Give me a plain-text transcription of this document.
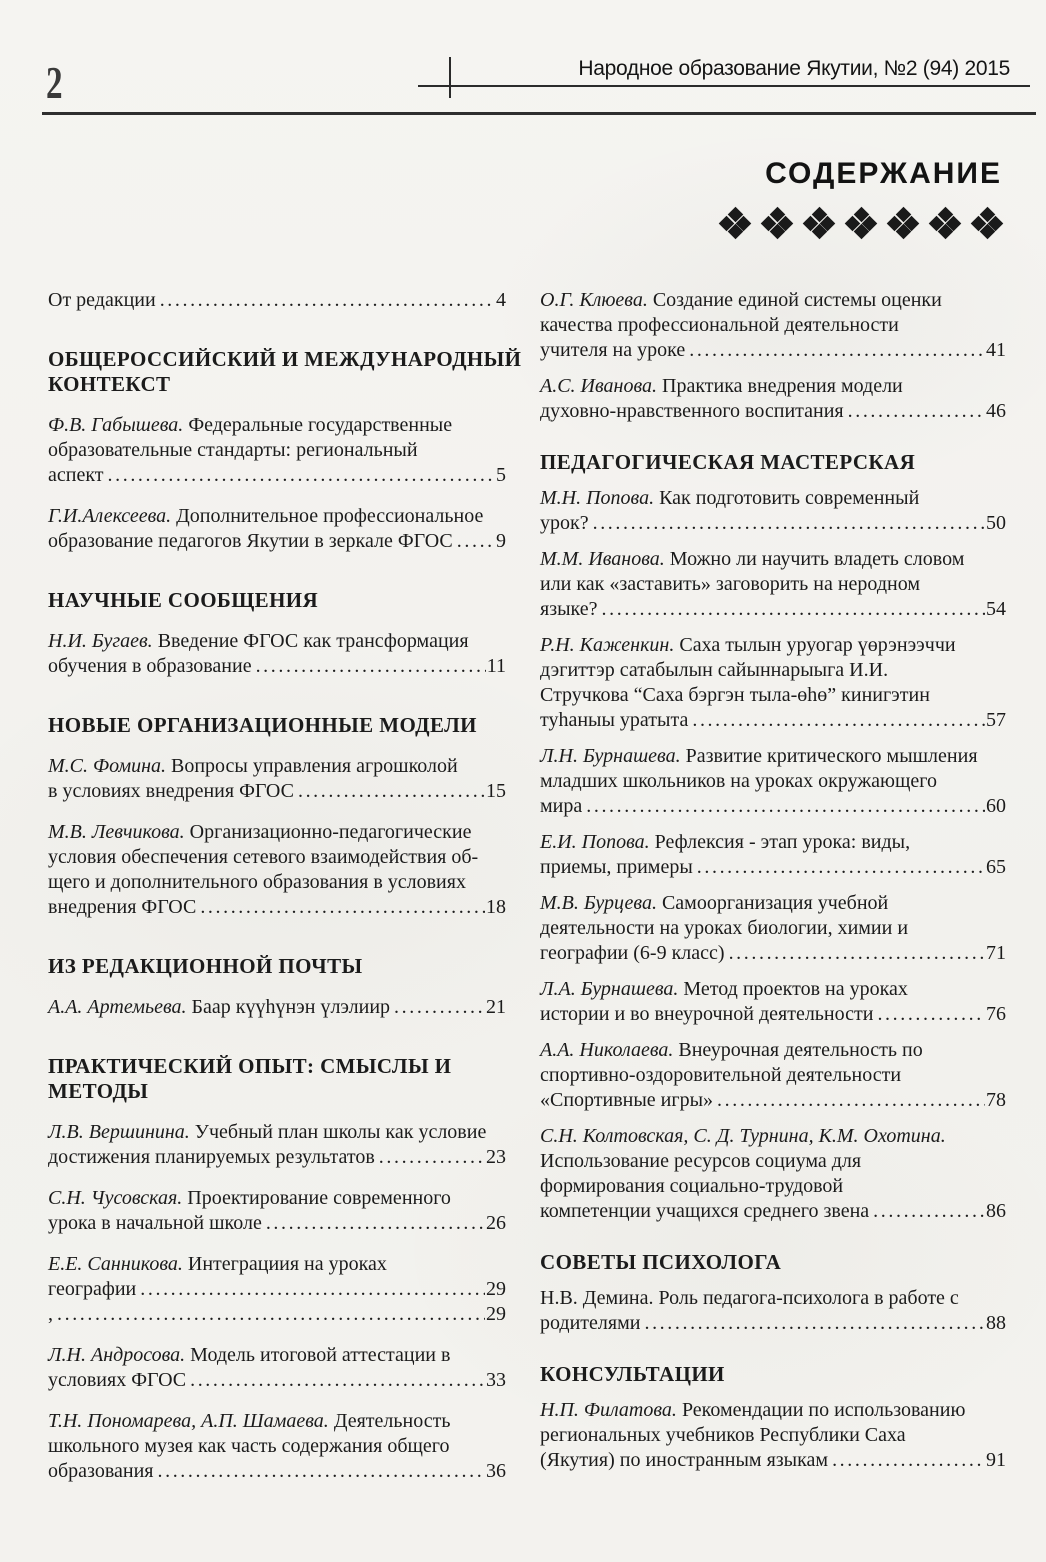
2	Народное образование Якутии, №2 (94) 2015
СОДЕРЖАНИЕ
От редакции .....	4
ОБЩЕРОССИЙСКИЙ И МЕЖДУНАРОДНЫЙ
КОНТЕКСТ
Ф.В. Габышева. Федеральные государственные
образовательные стандарты: региональный
аспект .....	5
Г.И.Алексеева. Дополнительное профессиональное
образование педагогов Якутии в зеркале ФГОС ..... 9
НАУЧНЫЕ СООБЩЕНИЯ
Н.И. Бугаев. Введение ФГОС как трансформация
обучения в образование .....	11
НОВЫЕ ОРГАНИЗАЦИОННЫЕ МОДЕЛИ
М.С. Фомина. Вопросы управления агрошколой
в условиях внедрения ФГОС .....	15
М.В. Левчикова. Организационно-педагогические
условия обеспечения сетевого взаимодействия об-
щего и дополнительного образования в условиях
внедрения ФГОС .....	18
ИЗ РЕДАКЦИОННОЙ ПОЧТЫ
А.А. Артемьева. Баар күүһүнэн үлэлиир .....	21
ПРАКТИЧЕСКИЙ ОПЫТ: СМЫСЛЫ И
МЕТОДЫ
Л.В. Вершинина. Учебный план школы как условие
достижения планируемых результатов .....	23
С.Н. Чусовская. Проектирование современного
урока в начальной школе .....	26
Е.Е. Санникова. Интеграциия на уроках
географии .....	29
, .....	29
Л.Н. Андросова. Модель итоговой аттестации в
условиях ФГОС .....	33
Т.Н. Пономарева, А.П. Шамаева. Деятельность
школьного музея как часть содержания общего
образования .....	36
О.Г. Клюева. Создание единой системы оценки
качества профессиональной деятельности
учителя на уроке .....	41
А.С. Иванова. Практика внедрения модели
духовно-нравственного воспитания .....	46
ПЕДАГОГИЧЕСКАЯ МАСТЕРСКАЯ
М.Н. Попова. Как подготовить современный
урок? .....	50
М.М. Иванова. Можно ли научить владеть словом
или как «заставить» заговорить на неродном
языке? .....	54
Р.Н. Каженкин. Саха тылын уруогар үөрэнээччи
дэгиттэр сатабылын сайыннарыыга И.И.
Стручкова “Саха бэргэн тыла-өһө” кинигэтин
туһаныы уратыта .....	57
Л.Н. Бурнашева. Развитие критического мышления
младших школьников на уроках окружающего
мира .....	60
Е.И. Попова. Рефлексия - этап урока: виды,
приемы, примеры .....	65
М.В. Бурцева. Самоорганизация учебной
деятельности на уроках биологии, химии и
географии (6-9 класс) .....	71
Л.А. Бурнашева. Метод проектов на уроках
истории и во внеурочной деятельности .....	76
А.А. Николаева. Внеурочная деятельность по
спортивно-оздоровительной деятельности
«Спортивные игры» .....	78
С.Н. Колтовская, С. Д. Турнина, К.М. Охотина.
Использование ресурсов социума для
формирования социально-трудовой
компетенции учащихся среднего звена .....	86
СОВЕТЫ ПСИХОЛОГА
Н.В. Демина. Роль педагога-психолога в работе с
родителями .....	88
КОНСУЛЬТАЦИИ
Н.П. Филатова. Рекомендации по использованию
региональных учебников Республики Саха
(Якутия) по иностранным языкам .....	91
